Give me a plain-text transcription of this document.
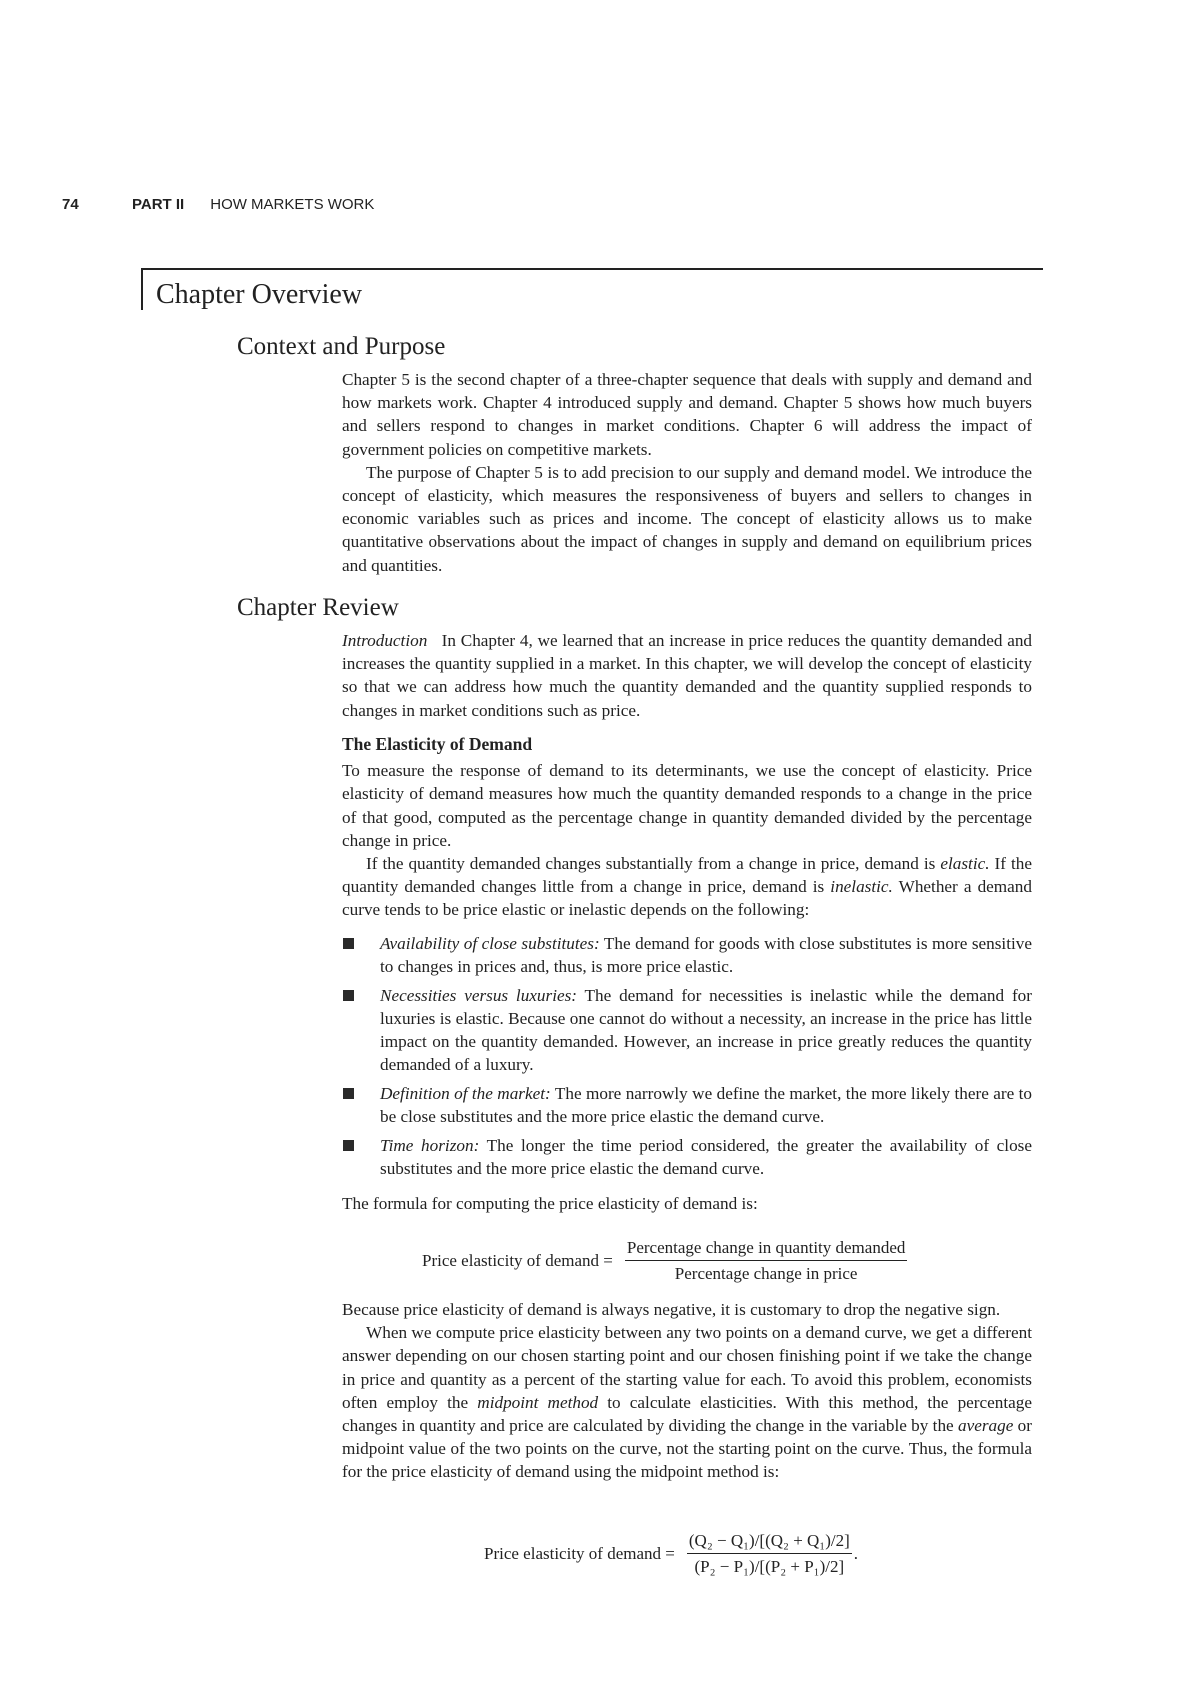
74	PART II HOW MARKETS WORK
Chapter Overview
Context and Purpose

Chapter 5 is the second chapter of a three-chapter sequence that deals with supply and demand and how markets work. Chapter 4 introduced supply and demand. Chapter 5 shows how much buyers and sellers respond to changes in market conditions. Chapter 6 will address the impact of government policies on competitive markets.

The purpose of Chapter 5 is to add precision to our supply and demand model. We introduce the concept of elasticity, which measures the responsiveness of buyers and sellers to changes in economic variables such as prices and income. The concept of elasticity allows us to make quantitative observations about the impact of changes in supply and demand on equilibrium prices and quantities.

Chapter Review

Introduction In Chapter 4, we learned that an increase in price reduces the quantity demanded and increases the quantity supplied in a market. In this chapter, we will develop the concept of elasticity so that we can address how much the quantity demanded and the quantity supplied responds to changes in market conditions such as price.

The Elasticity of Demand

To measure the response of demand to its determinants, we use the concept of elasticity. Price elasticity of demand measures how much the quantity demanded responds to a change in the price of that good, computed as the percentage change in quantity demanded divided by the percentage change in price.

If the quantity demanded changes substantially from a change in price, demand is elastic. If the quantity demanded changes little from a change in price, demand is inelastic. Whether a demand curve tends to be price elastic or inelastic depends on the following:

Availability of close substitutes: The demand for goods with close substitutes is more sensitive to changes in prices and, thus, is more price elastic.
Necessities versus luxuries: The demand for necessities is inelastic while the demand for luxuries is elastic. Because one cannot do without a necessity, an increase in the price has little impact on the quantity demanded. However, an increase in price greatly reduces the quantity demanded of a luxury.
Definition of the market: The more narrowly we define the market, the more likely there are to be close substitutes and the more price elastic the demand curve.
Time horizon: The longer the time period considered, the greater the availability of close substitutes and the more price elastic the demand curve.

The formula for computing the price elasticity of demand is:

Price elasticity of demand = $\frac{\text{Percentage change in quantity demanded}}{\text{Percentage change in price}}$

Because price elasticity of demand is always negative, it is customary to drop the negative sign.

When we compute price elasticity between any two points on a demand curve, we get a different answer depending on our chosen starting point and our chosen finishing point if we take the change in price and quantity as a percent of the starting value for each. To avoid this problem, economists often employ the midpoint method to calculate elasticities. With this method, the percentage changes in quantity and price are calculated by dividing the change in the variable by the average or midpoint value of the two points on the curve, not the starting point on the curve. Thus, the formula for the price elasticity of demand using the midpoint method is:

Price elasticity of demand = $\frac{\text{(Q₂ − Q₁)/[(Q₂ + Q₁)/2]}}{\text{(P₂ − P₁)/[(P₂ + P₁)/2]}}$ .
